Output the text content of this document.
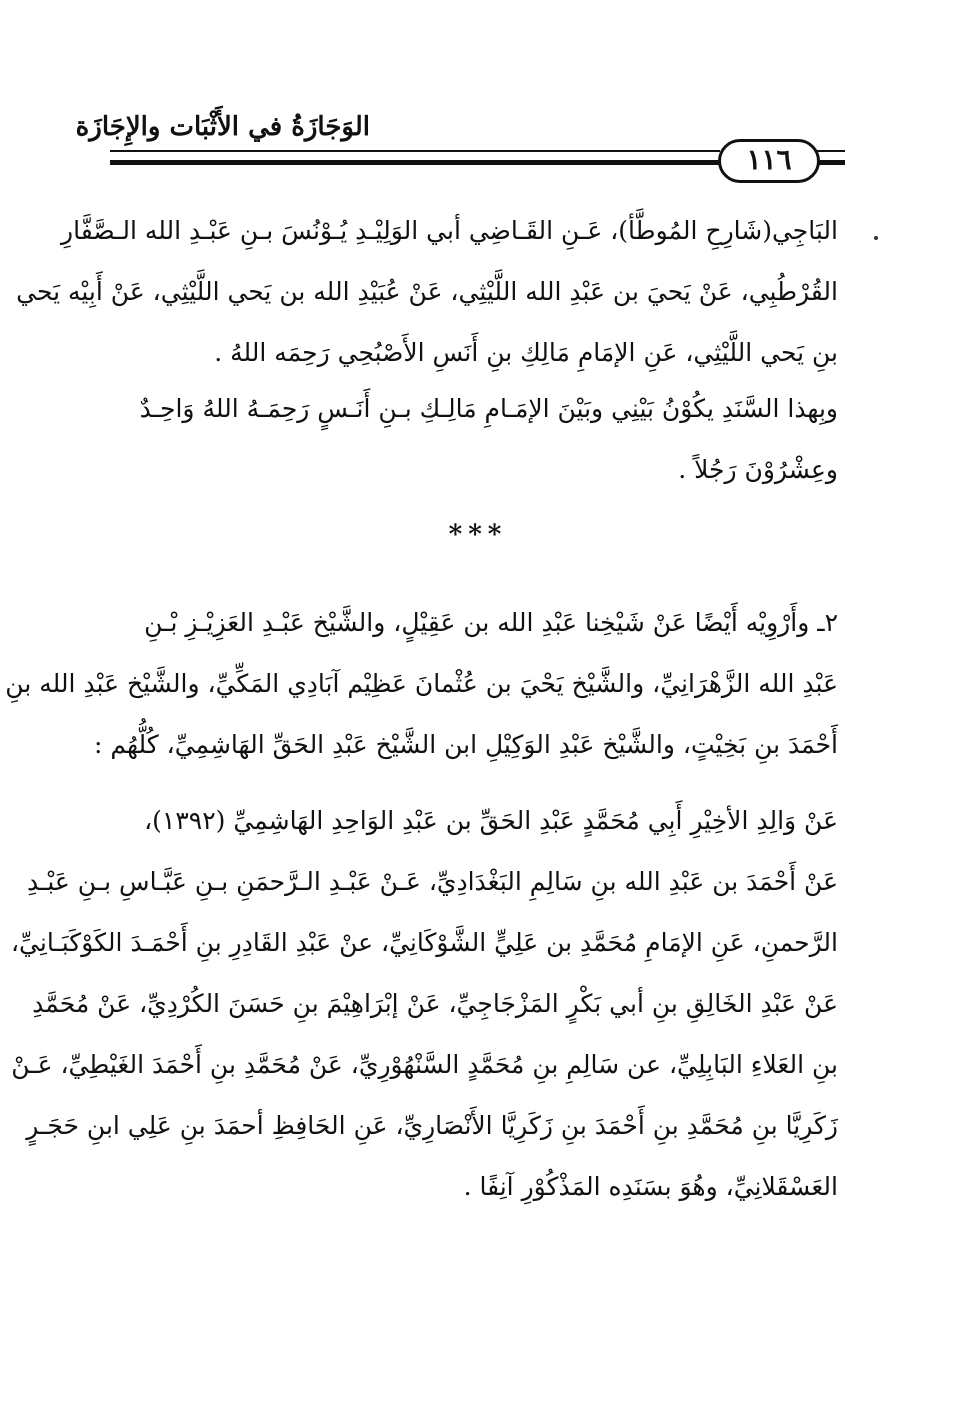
الوَجَازَةُ في الأَثْبَات والإِجَازَة
١١٦
البَاجِي(شَارِحِ المُوطَّأ)، عَـنِ القَـاضِي أبي الوَلِيْـدِ يُـوْنُسَ بـنِ عَبْـدِ الله الـصَّفَّارِ
القُرْطُبِي، عَنْ يَحيَ بن عَبْدِ الله اللَّيْثِي، عَنْ عُبَيْدِ الله بن يَحي اللَّيْثِي، عَنْ أَبِيْه يَحي
بنِ يَحي اللَّيْثِي، عَنِ الإمَامِ مَالِكِ بنِ أَنَسِ الأَصْبُحِي رَحِمَه اللهُ .
وبِهذا السَّنَدِ يكُوْنُ بَيْنِي وبَيْنَ الإمَـامِ مَالِـكِ بـنِ أَنَـسٍ رَحِمَـهُ اللهُ وَاحِـدٌ
وعِشْرُوْنَ رَجُلاً .
***
٢ـ وأَرْوِيْه أَيْضًا عَنْ شَيْخِنا عَبْدِ الله بن عَقِيْلٍ، والشَّيْخ عَبْـدِ العَزِيْـزِ بْـنِ
عَبْدِ الله الزَّهْرَانِيِّ، والشَّيْخ يَحْيَ بن عُثْمانَ عَظِيْم آبَادِي المَكِّيِّ، والشَّيْخ عَبْدِ الله بنِ
أَحْمَدَ بنِ بَخِيْتٍ، والشَّيْخ عَبْدِ الوَكِيْلِ ابن الشَّيْخ عَبْدِ الحَقِّ الهَاشِمِيِّ، كُلُّهُم :
عَنْ وَالِدِ الأخِيْرِ أَبِي مُحَمَّدٍ عَبْدِ الحَقِّ بن عَبْدِ الوَاحِدِ الهَاشِمِيِّ (١٣٩٢)،
عَنْ أَحْمَدَ بن عَبْدِ الله بنِ سَالِمِ البَغْدَادِيِّ، عَـنْ عَبْـدِ الـرَّحمَنِ بـنِ عَبَّـاسِ بـنِ عَبْـدِ
الرَّحمنِ، عَنِ الإمَامِ مُحَمَّدِ بن عَلِيٍّ الشَّوْكَانِيِّ، عنْ عَبْدِ القَادِرِ بنِ أَحْمَـدَ الكَوْكَبَـانِيِّ،
عَنْ عَبْدِ الخَالِقِ بنِ أبي بَكْرٍ المَزْجَاجِيِّ، عَنْ إبْرَاهِيْمَ بنِ حَسَنَ الكُرْدِيِّ، عَنْ مُحَمَّدِ
بنِ العَلاءِ البَابِلِيِّ، عن سَالِمِ بنِ مُحَمَّدٍ السَّنْهُوْرِيِّ، عَنْ مُحَمَّدِ بنِ أَحْمَدَ الغَيْطِيِّ، عَـنْ
زَكَرِيَّا بنِ مُحَمَّدِ بنِ أَحْمَدَ بنِ زَكَرِيَّا الأَنْصَارِيِّ، عَنِ الحَافِظِ أحمَدَ بنِ عَلِي ابنِ حَجَـرٍ
العَسْقَلانِيِّ، وهُوَ بسَنَدِه المَذْكُوْرِ آنِفًا .
